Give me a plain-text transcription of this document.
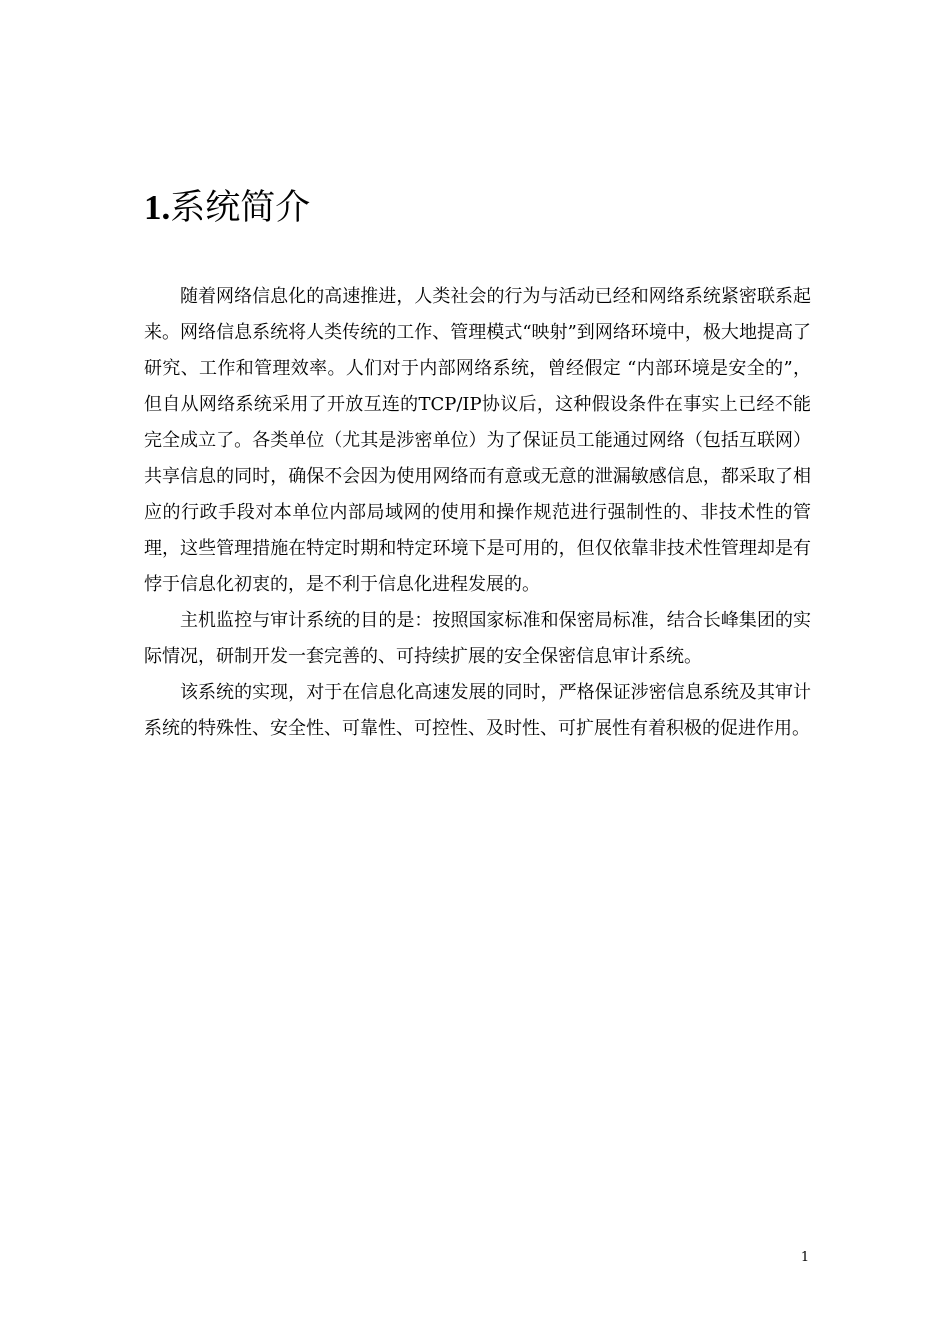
1.系统简介

随着网络信息化的高速推进，人类社会的行为与活动已经和网络系统紧密联系起来。网络信息系统将人类传统的工作、管理模式“映射”到网络环境中，极大地提高了研究、工作和管理效率。人们对于内部网络系统，曾经假定 “内部环境是安全的”，但自从网络系统采用了开放互连的TCP/IP协议后，这种假设条件在事实上已经不能完全成立了。各类单位（尤其是涉密单位）为了保证员工能通过网络（包括互联网）共享信息的同时，确保不会因为使用网络而有意或无意的泄漏敏感信息，都采取了相应的行政手段对本单位内部局域网的使用和操作规范进行强制性的、非技术性的管理，这些管理措施在特定时期和特定环境下是可用的，但仅依靠非技术性管理却是有悖于信息化初衷的，是不利于信息化进程发展的。

主机监控与审计系统的目的是：按照国家标准和保密局标准，结合长峰集团的实际情况，研制开发一套完善的、可持续扩展的安全保密信息审计系统。

该系统的实现，对于在信息化高速发展的同时，严格保证涉密信息系统及其审计系统的特殊性、安全性、可靠性、可控性、及时性、可扩展性有着积极的促进作用。

1
